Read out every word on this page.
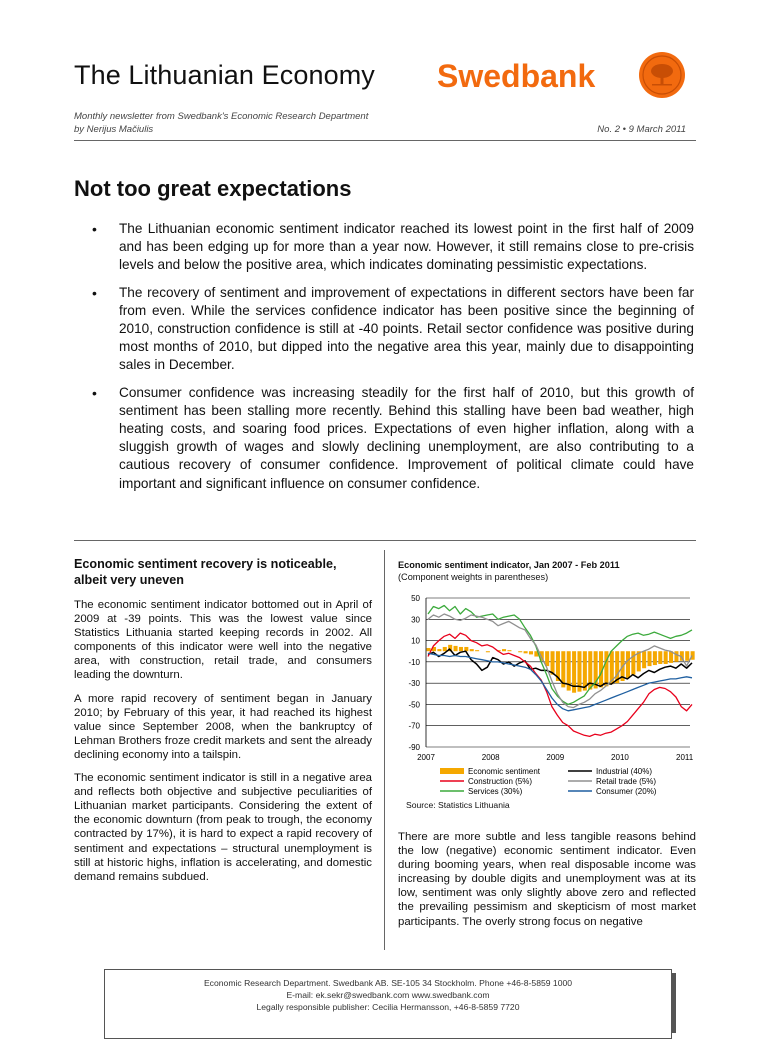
The Lithuanian Economy Swedbank
Monthly newsletter from Swedbank's Economic Research Department
by Nerijus Mačiulis	No. 2 • 9 March 2011
Not too great expectations
• The Lithuanian economic sentiment indicator reached its lowest point in the first half of 2009 and has been edging up for more than a year now. However, it still remains close to pre-crisis levels and below the positive area, which indicates dominating pessimistic expectations.
• The recovery of sentiment and improvement of expectations in different sectors have been far from even. While the services confidence indicator has been positive since the beginning of 2010, construction confidence is still at -40 points. Retail sector confidence was positive during most months of 2010, but dipped into the negative area this year, mainly due to disappointing sales in December.
• Consumer confidence was increasing steadily for the first half of 2010, but this growth of sentiment has been stalling more recently. Behind this stalling have been bad weather, high heating costs, and soaring food prices. Expectations of even higher inflation, along with a sluggish growth of wages and slowly declining unemployment, are also contributing to a cautious recovery of consumer confidence. Improvement of political climate could have important and significant influence on consumer confidence.
Economic sentiment recovery is noticeable, albeit very uneven

The economic sentiment indicator bottomed out in April of 2009 at -39 points. This was the lowest value since Statistics Lithuania started keeping records in 2002. All components of this indicator were well into the negative area, with construction, retail trade, and consumers leading the downturn.

A more rapid recovery of sentiment began in January 2010; by February of this year, it had reached its highest value since September 2008, when the bankruptcy of Lehman Brothers froze credit markets and sent the already declining economy into a tailspin.

The economic sentiment indicator is still in a negative area and reflects both objective and subjective peculiarities of Lithuanian market participants. Considering the extent of the economic downturn (from peak to trough, the economy contracted by 17%), it is hard to expect a rapid recovery of sentiment and expectations – structural unemployment is still at historic highs, inflation is accelerating, and domestic demand remains subdued.

Economic sentiment indicator, Jan 2007 - Feb 2011
(Component weights in parentheses)
50
30
10
-10
-30
-50
-70
-90
2007	2008	2009	2010	2011
Economic sentiment
Construction (5%)
Services (30%)
Industrial (40%)
Retail trade (5%)
Consumer (20%)
Source: Statistics Lithuania

There are more subtle and less tangible reasons behind the low (negative) economic sentiment indicator. Even during booming years, when real disposable income was increasing by double digits and unemployment was at its low, sentiment was only slightly above zero and reflected the prevailing pessimism and skepticism of most market participants. The overly strong focus on negative

Economic Research Department. Swedbank AB. SE-105 34 Stockholm. Phone +46-8-5859 1000
E-mail: ek.sekr@swedbank.com www.swedbank.com
Legally responsible publisher: Cecilia Hermansson, +46-8-5859 7720
